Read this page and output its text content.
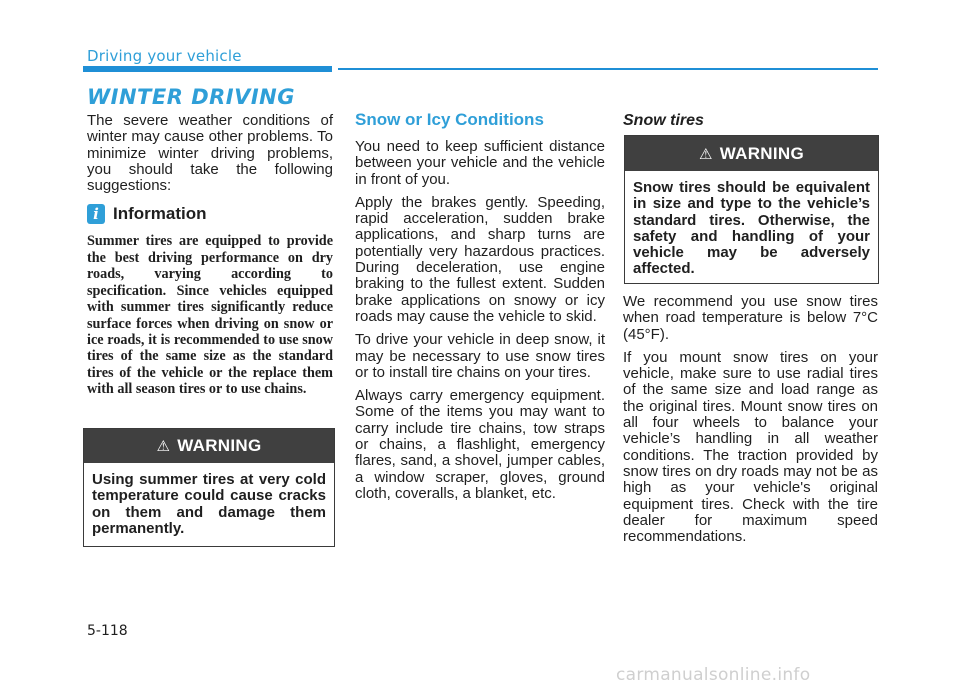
Driving your vehicle
WINTER DRIVING

The severe weather conditions of winter may cause other problems. To minimize winter driving problems, you should take the following suggestions:

i Information

Summer tires are equipped to provide the best driving performance on dry roads, varying according to specification. Since vehicles equipped with summer tires significantly reduce surface forces when driving on snow or ice roads, it is recommended to use snow tires of the same size as the standard tires of the vehicle or the replace them with all season tires or to use chains.

⚠ WARNING
Using summer tires at very cold temperature could cause cracks on them and damage them permanently.
Snow or Icy Conditions

You need to keep sufficient distance between your vehicle and the vehicle in front of you.

Apply the brakes gently. Speeding, rapid acceleration, sudden brake applications, and sharp turns are potentially very hazardous practices. During deceleration, use engine braking to the fullest extent. Sudden brake applications on snowy or icy roads may cause the vehicle to skid.

To drive your vehicle in deep snow, it may be necessary to use snow tires or to install tire chains on your tires.

Always carry emergency equipment. Some of the items you may want to carry include tire chains, tow straps or chains, a flashlight, emergency flares, sand, a shovel, jumper cables, a window scraper, gloves, ground cloth, coveralls, a blanket, etc.

Snow tires
⚠ WARNING
Snow tires should be equivalent in size and type to the vehicle’s standard tires. Otherwise, the safety and handling of your vehicle may be adversely affected.

We recommend you use snow tires when road temperature is below 7°C (45°F).

If you mount snow tires on your vehicle, make sure to use radial tires of the same size and load range as the original tires. Mount snow tires on all four wheels to balance your vehicle’s handling in all weather conditions. The traction provided by snow tires on dry roads may not be as high as your vehicle's original equipment tires. Check with the tire dealer for maximum speed recommendations.

5-118
carmanualsonline.info
